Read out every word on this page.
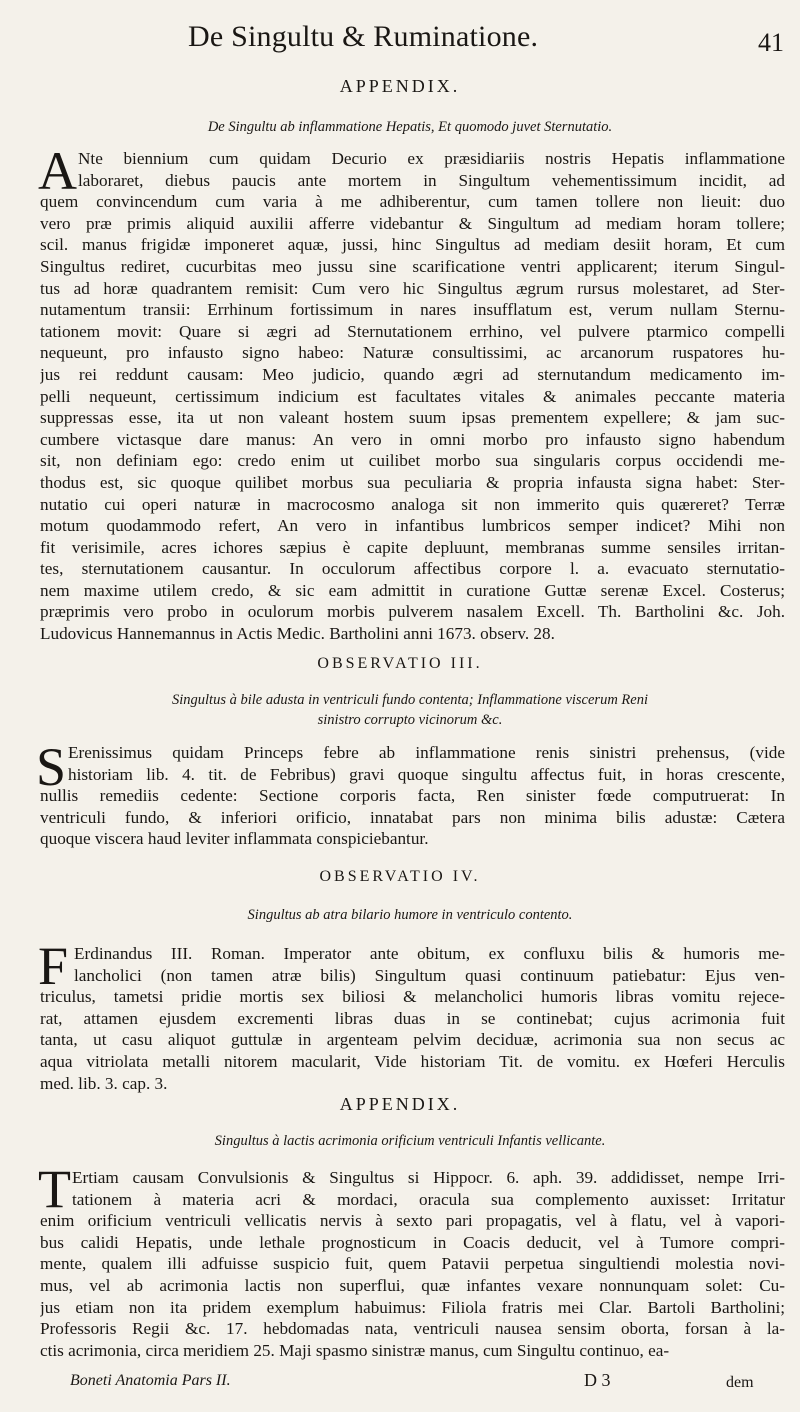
De Singultu & Ruminatione.	41
APPENDIX.
De Singultu ab inflammatione Hepatis, Et quomodo juvet Sternutatio.
A Nte biennium cum quidam Decurio ex præsidiariis nostris Hepatis inflammatione
laboraret, diebus paucis ante mortem in Singultum vehementissimum incidit, ad
quem convincendum cum varia à me adhiberentur, cum tamen tollere non lieuit: duo
vero præ primis aliquid auxilii afferre videbantur & Singultum ad mediam horam tollere;
scil. manus frigidæ imponeret aquæ, jussi, hinc Singultus ad mediam desiit horam, Et cum
Singultus rediret, cucurbitas meo jussu sine scarificatione ventri applicarent; iterum Singul-
tus ad horæ quadrantem remisit: Cum vero hic Singultus ægrum rursus molestaret, ad Ster-
nutamentum transii: Errhinum fortissimum in nares insufflatum est, verum nullam Sternu-
tationem movit: Quare si ægri ad Sternutationem errhino, vel pulvere ptarmico compelli
nequeunt, pro infausto signo habeo: Naturæ consultissimi, ac arcanorum ruspatores hu-
jus rei reddunt causam: Meo judicio, quando ægri ad sternutandum medicamento im-
pelli nequeunt, certissimum indicium est facultates vitales & animales peccante materia
suppressas esse, ita ut non valeant hostem suum ipsas prementem expellere; & jam suc-
cumbere victasque dare manus: An vero in omni morbo pro infausto signo habendum
sit, non definiam ego: credo enim ut cuilibet morbo sua singularis corpus occidendi me-
thodus est, sic quoque quilibet morbus sua peculiaria & propria infausta signa habet: Ster-
nutatio cui operi naturæ in macrocosmo analoga sit non immerito quis quæreret? Terræ
motum quodammodo refert, An vero in infantibus lumbricos semper indicet? Mihi non
fit verisimile, acres ichores sæpius è capite depluunt, membranas summe sensiles irritan-
tes, sternutationem causantur. In occulorum affectibus corpore l. a. evacuato sternutatio-
nem maxime utilem credo, & sic eam admittit in curatione Guttæ serenæ Excel. Costerus;
præprimis vero probo in oculorum morbis pulverem nasalem Excell. Th. Bartholini &c. Joh.
Ludovicus Hannemannus in Actis Medic. Bartholini anni 1673. observ. 28.
OBSERVATIO III.
Singultus à bile adusta in ventriculi fundo contenta; Inflammatione viscerum Reni
sinistro corrupto vicinorum &c.
S Erenissimus quidam Princeps febre ab inflammatione renis sinistri prehensus, (vide
historiam lib. 4. tit. de Febribus) gravi quoque singultu affectus fuit, in horas crescente,
nullis remediis cedente: Sectione corporis facta, Ren sinister fœde computruerat: In
ventriculi fundo, & inferiori orificio, innatabat pars non minima bilis adustæ: Cætera
quoque viscera haud leviter inflammata conspiciebantur.
OBSERVATIO IV.
Singultus ab atra bilario humore in ventriculo contento.
F Erdinandus III. Roman. Imperator ante obitum, ex confluxu bilis & humoris me-
lancholici (non tamen atræ bilis) Singultum quasi continuum patiebatur: Ejus ven-
triculus, tametsi pridie mortis sex biliosi & melancholici humoris libras vomitu rejece-
rat, attamen ejusdem excrementi libras duas in se continebat; cujus acrimonia fuit
tanta, ut casu aliquot guttulæ in argenteam pelvim deciduæ, acrimonia sua non secus ac
aqua vitriolata metalli nitorem macularit, Vide historiam Tit. de vomitu. ex Hœferi Herculis
med. lib. 3. cap. 3.
APPENDIX.
Singultus à lactis acrimonia orificium ventriculi Infantis vellicante.
T Ertiam causam Convulsionis & Singultus si Hippocr. 6. aph. 39. addidisset, nempe Irri-
tationem à materia acri & mordaci, oracula sua complemento auxisset: Irritatur
enim orificium ventriculi vellicatis nervis à sexto pari propagatis, vel à flatu, vel à vapori-
bus calidi Hepatis, unde lethale prognosticum in Coacis deducit, vel à Tumore compri-
mente, qualem illi adfuisse suspicio fuit, quem Patavii perpetua singultiendi molestia novi-
mus, vel ab acrimonia lactis non superflui, quæ infantes vexare nonnunquam solet: Cu-
jus etiam non ita pridem exemplum habuimus: Filiola fratris mei Clar. Bartoli Bartholini;
Professoris Regii &c. 17. hebdomadas nata, ventriculi nausea sensim oborta, forsan à la-
ctis acrimonia, circa meridiem 25. Maji spasmo sinistræ manus, cum Singultu continuo, ea-
Boneti Anatomia Pars II.	D 3	dem
